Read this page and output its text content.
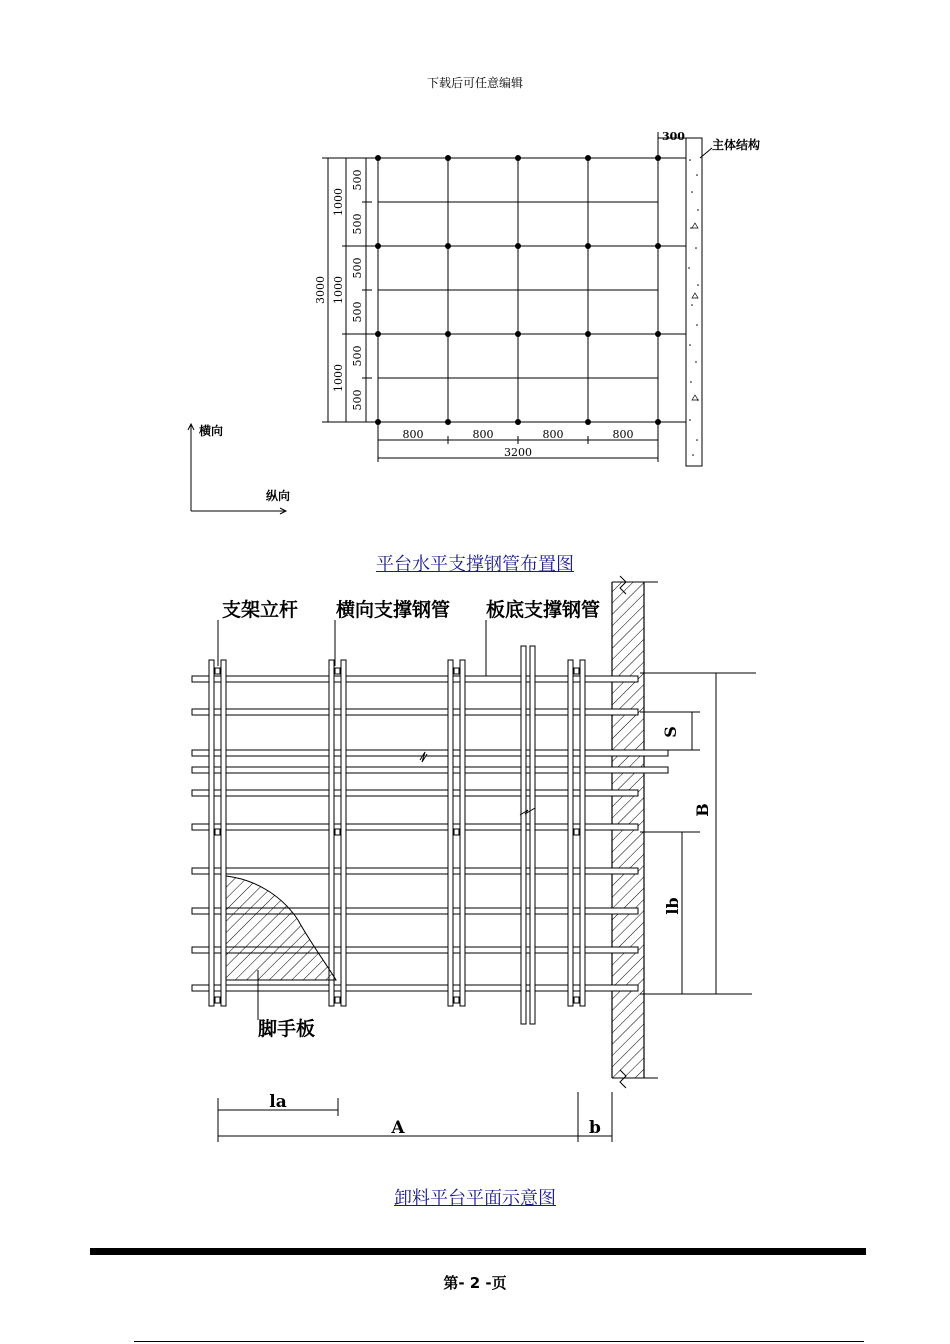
下载后可任意编辑
300
主体结构
800	800	800	800
3200
500
500
500
500
500
500
1000
1000
1000
3000
横向
纵向
平台水平支撑钢管布置图
支架立杆 横向支撑钢管 板底支撑钢管
脚手板
S
lb
B
la
A	b
卸料平台平面示意图
第- 2 -页
